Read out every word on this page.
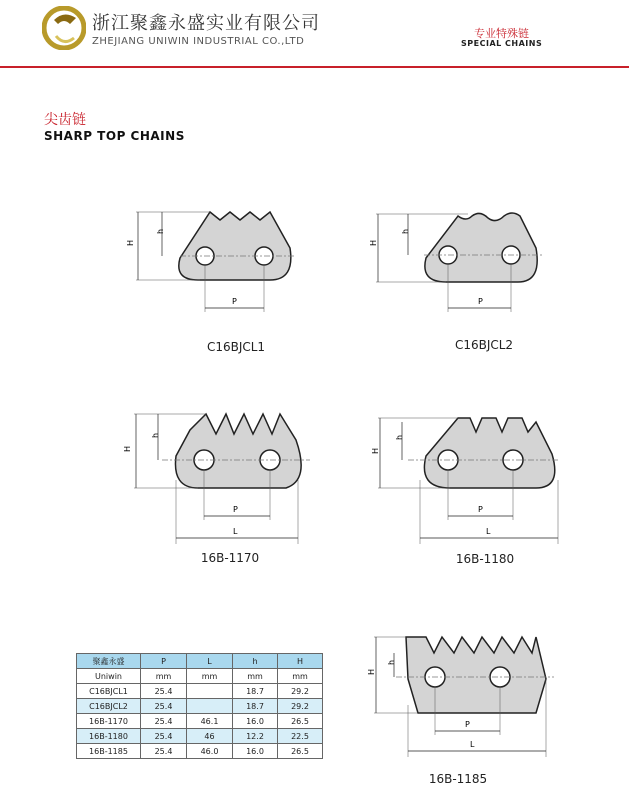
浙江聚鑫永盛实业有限公司
ZHEJIANG UNIWIN INDUSTRIAL CO.,LTD
专业特殊链
SPECIAL CHAINS
尖齿链
SHARP TOP CHAINS
H
h
P
C16BJCL1
H
h
P
C16BJCL2
H
h
P
L
16B-1170
H
h
P
L
16B-1180
H
h
P
L
16B-1185
聚鑫永盛	P	L	h	H
Uniwin	mm	mm	mm	mm
C16BJCL1	25.4		18.7	29.2
C16BJCL2	25.4		18.7	29.2
16B-1170	25.4	46.1	16.0	26.5
16B-1180	25.4	46	12.2	22.5
16B-1185	25.4	46.0	16.0	26.5
